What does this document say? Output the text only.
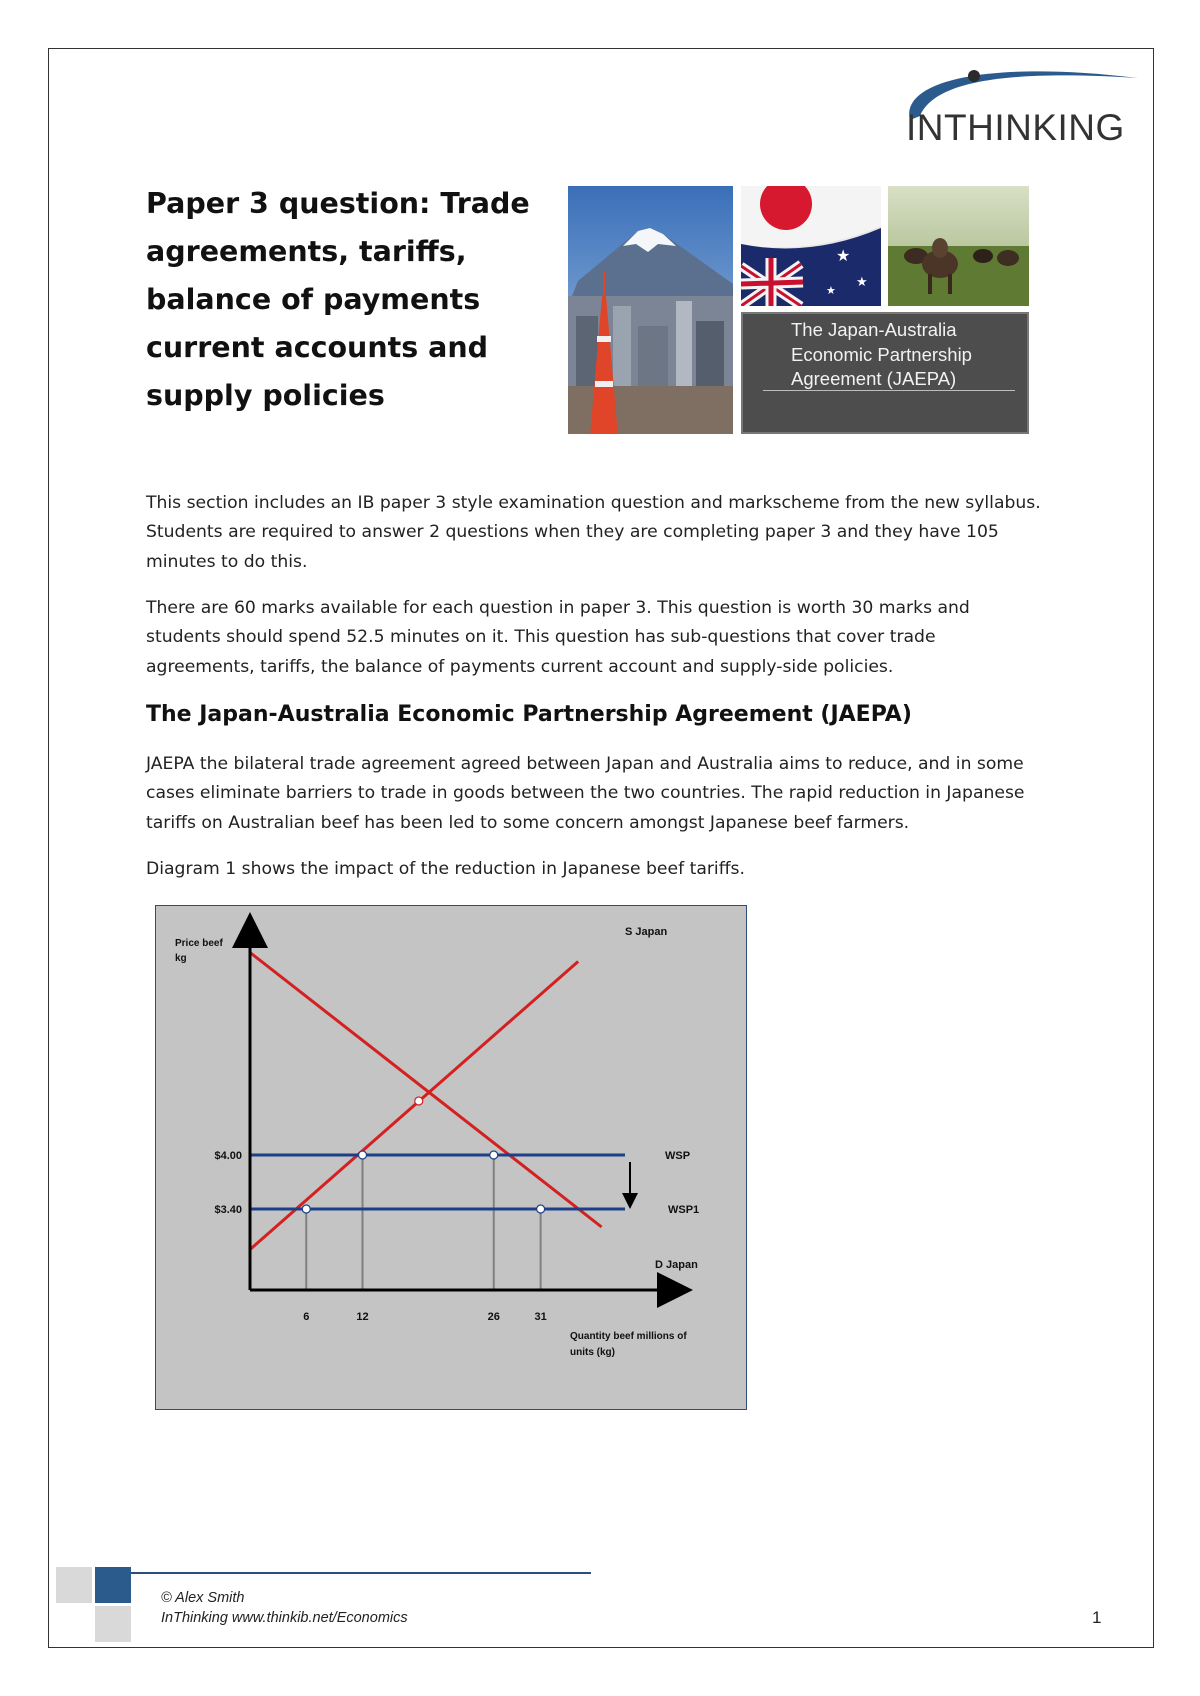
INTHINKING
Paper 3 question: Trade agreements, tariffs, balance of payments current accounts and supply policies
★
★
★
The Japan-Australia Economic Partnership Agreement (JAEPA)

This section includes an IB paper 3 style examination question and markscheme from the new syllabus. Students are required to answer 2 questions when they are completing paper 3 and they have 105 minutes to do this.

There are 60 marks available for each question in paper 3. This question is worth 30 marks and students should spend 52.5 minutes on it. This question has sub-questions that cover trade agreements, tariffs, the balance of payments current account and supply-side policies.

The Japan-Australia Economic Partnership Agreement (JAEPA)

JAEPA the bilateral trade agreement agreed between Japan and Australia aims to reduce, and in some cases eliminate barriers to trade in goods between the two countries. The rapid reduction in Japanese tariffs on Australian beef has been led to some concern amongst Japanese beef farmers.

Diagram 1 shows the impact of the reduction in Japanese beef tariffs.

Price beef
kg
Quantity beef millions of
units (kg)
$3.40
$4.00
6	12	26	31
S Japan
D Japan
WSP
WSP1

© Alex Smith

InThinking www.thinkib.net/Economics	1
